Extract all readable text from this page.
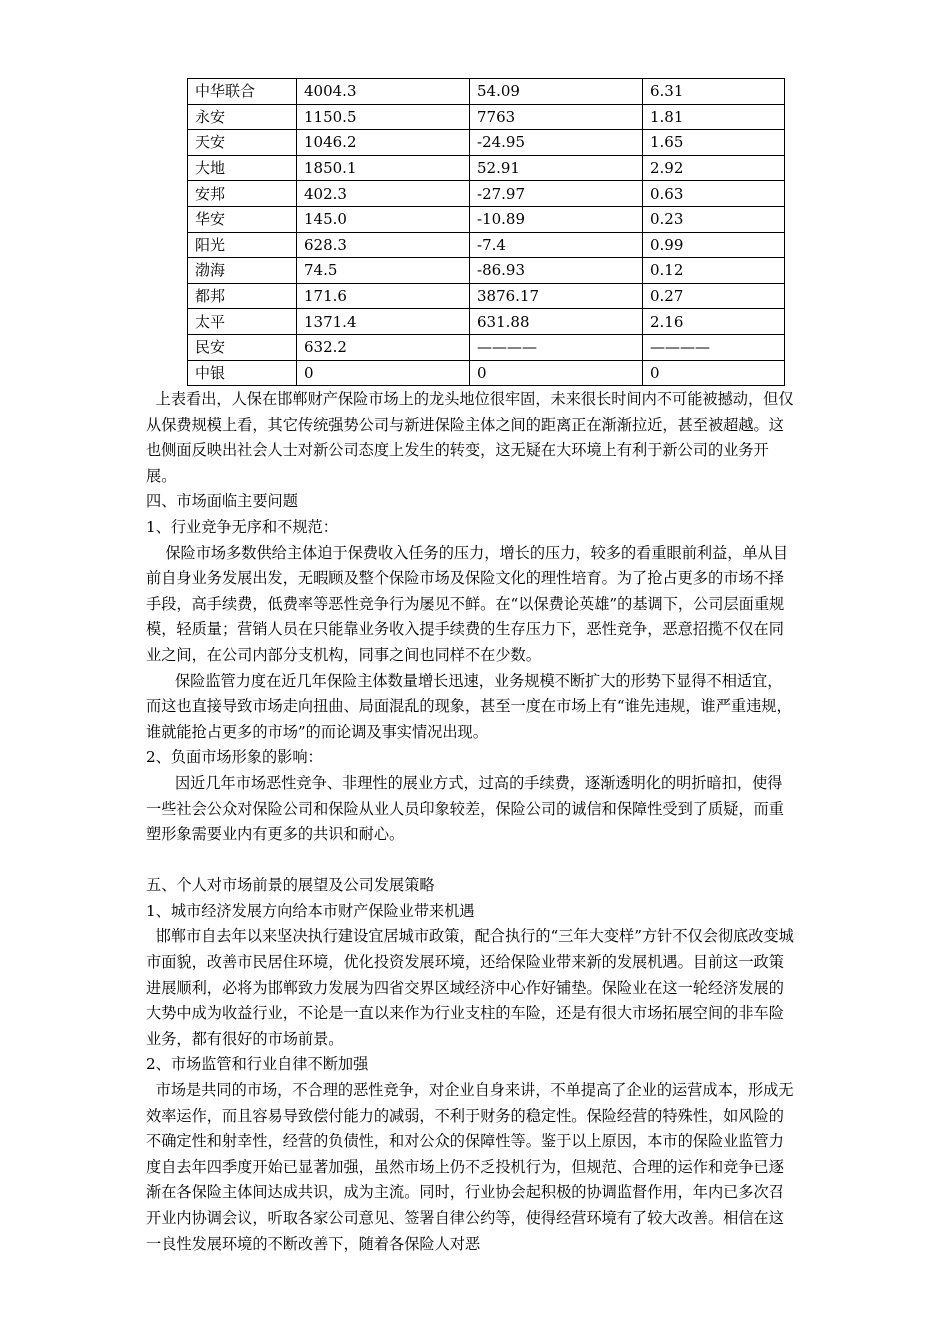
中华联合	4004.3	54.09	6.31
永安	1150.5	7763	1.81
天安	1046.2	-24.95	1.65
大地	1850.1	52.91	2.92
安邦	402.3	-27.97	0.63
华安	145.0	-10.89	0.23
阳光	628.3	-7.4	0.99
渤海	74.5	-86.93	0.12
都邦	171.6	3876.17	0.27
太平	1371.4	631.88	2.16
民安	632.2	————	————
中银	0	0	0

上表看出，人保在邯郸财产保险市场上的龙头地位很牢固，未来很长时间内不可能被撼动，但仅从保费规模上看，其它传统强势公司与新进保险主体之间的距离正在渐渐拉近，甚至被超越。这也侧面反映出社会人士对新公司态度上发生的转变，这无疑在大环境上有利于新公司的业务开展。

四、市场面临主要问题

1、行业竞争无序和不规范：

保险市场多数供给主体迫于保费收入任务的压力，增长的压力，较多的看重眼前利益，单从目前自身业务发展出发，无暇顾及整个保险市场及保险文化的理性培育。为了抢占更多的市场不择手段，高手续费，低费率等恶性竞争行为屡见不鲜。在“以保费论英雄”的基调下，公司层面重规模，轻质量；营销人员在只能靠业务收入提手续费的生存压力下，恶性竞争，恶意招揽不仅在同业之间，在公司内部分支机构，同事之间也同样不在少数。

保险监管力度在近几年保险主体数量增长迅速，业务规模不断扩大的形势下显得不相适宜，而这也直接导致市场走向扭曲、局面混乱的现象，甚至一度在市场上有“谁先违规，谁严重违规，谁就能抢占更多的市场”的而论调及事实情况出现。

2、负面市场形象的影响：

因近几年市场恶性竞争、非理性的展业方式，过高的手续费，逐渐透明化的明折暗扣，使得一些社会公众对保险公司和保险从业人员印象较差，保险公司的诚信和保障性受到了质疑，而重塑形象需要业内有更多的共识和耐心。

五、个人对市场前景的展望及公司发展策略

1、城市经济发展方向给本市财产保险业带来机遇

邯郸市自去年以来坚决执行建设宜居城市政策，配合执行的“三年大变样”方针不仅会彻底改变城市面貌，改善市民居住环境，优化投资发展环境，还给保险业带来新的发展机遇。目前这一政策进展顺利，必将为邯郸致力发展为四省交界区域经济中心作好铺垫。保险业在这一轮经济发展的大势中成为收益行业，不论是一直以来作为行业支柱的车险，还是有很大市场拓展空间的非车险业务，都有很好的市场前景。

2、市场监管和行业自律不断加强

市场是共同的市场，不合理的恶性竞争，对企业自身来讲，不单提高了企业的运营成本，形成无效率运作，而且容易导致偿付能力的减弱，不利于财务的稳定性。保险经营的特殊性，如风险的不确定性和射幸性，经营的负债性，和对公众的保障性等。鉴于以上原因，本市的保险业监管力度自去年四季度开始已显著加强，虽然市场上仍不乏投机行为，但规范、合理的运作和竞争已逐渐在各保险主体间达成共识，成为主流。同时，行业协会起积极的协调监督作用，年内已多次召开业内协调会议，听取各家公司意见、签署自律公约等，使得经营环境有了较大改善。相信在这一良性发展环境的不断改善下，随着各保险人对恶
